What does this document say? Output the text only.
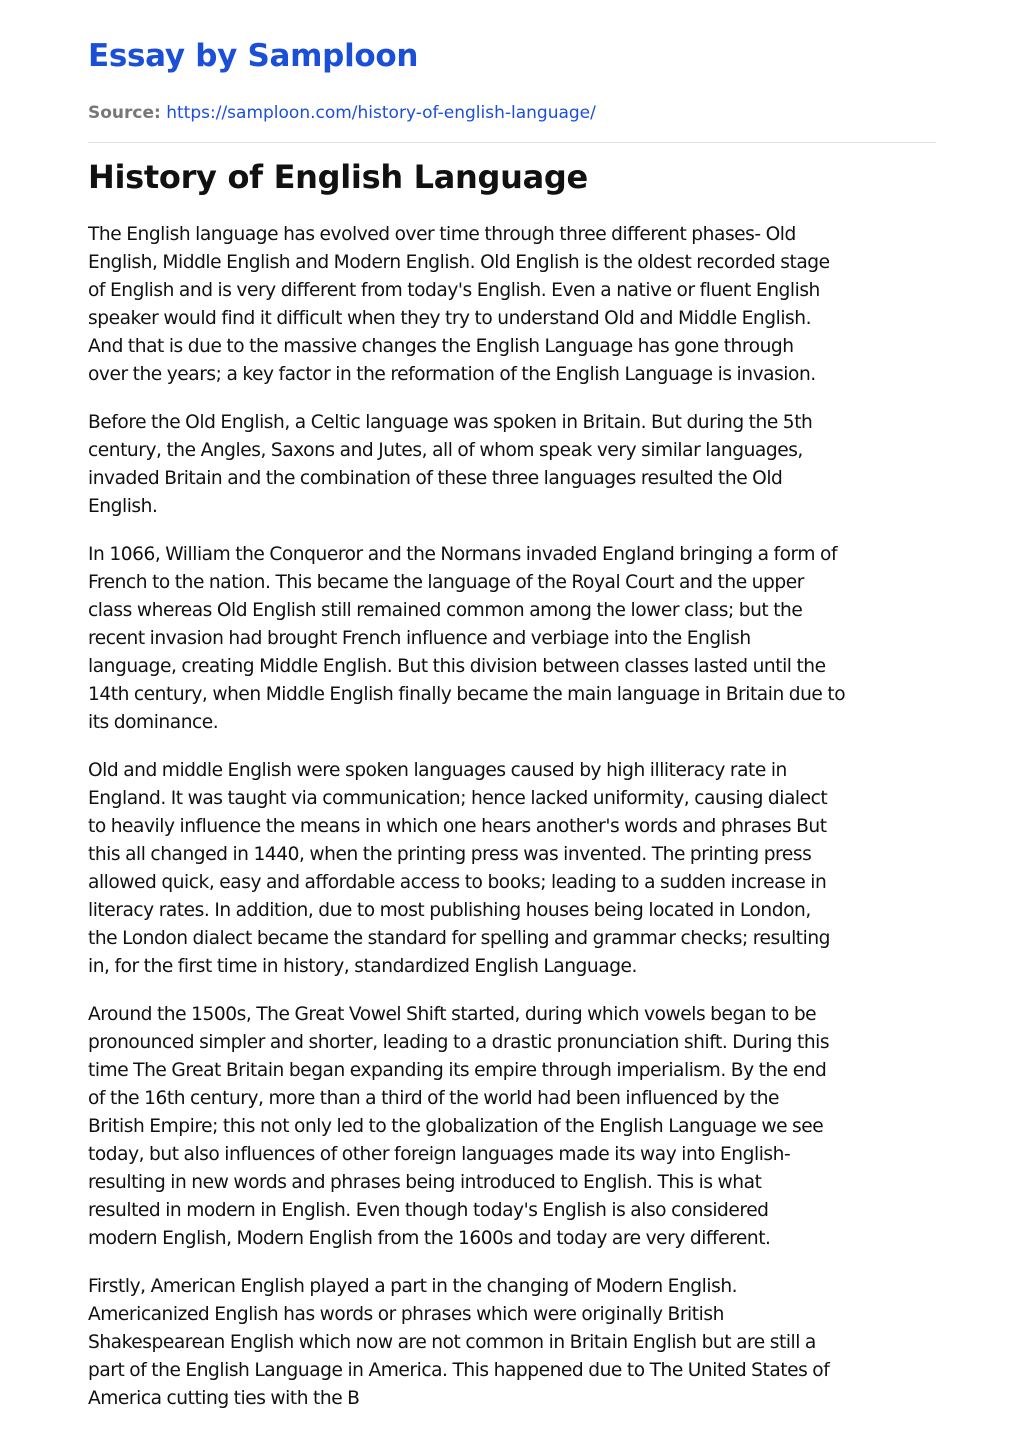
Essay by Samploon
Source: https://samploon.com/history-of-english-language/
History of English Language

The English language has evolved over time through three different phases- Old
English, Middle English and Modern English. Old English is the oldest recorded stage
of English and is very different from today's English. Even a native or fluent English
speaker would find it difficult when they try to understand Old and Middle English.
And that is due to the massive changes the English Language has gone through
over the years; a key factor in the reformation of the English Language is invasion.

Before the Old English, a Celtic language was spoken in Britain. But during the 5th
century, the Angles, Saxons and Jutes, all of whom speak very similar languages,
invaded Britain and the combination of these three languages resulted the Old
English.

In 1066, William the Conqueror and the Normans invaded England bringing a form of
French to the nation. This became the language of the Royal Court and the upper
class whereas Old English still remained common among the lower class; but the
recent invasion had brought French influence and verbiage into the English
language, creating Middle English. But this division between classes lasted until the
14th century, when Middle English finally became the main language in Britain due to
its dominance.

Old and middle English were spoken languages caused by high illiteracy rate in
England. It was taught via communication; hence lacked uniformity, causing dialect
to heavily influence the means in which one hears another's words and phrases But
this all changed in 1440, when the printing press was invented. The printing press
allowed quick, easy and affordable access to books; leading to a sudden increase in
literacy rates. In addition, due to most publishing houses being located in London,
the London dialect became the standard for spelling and grammar checks; resulting
in, for the first time in history, standardized English Language.

Around the 1500s, The Great Vowel Shift started, during which vowels began to be
pronounced simpler and shorter, leading to a drastic pronunciation shift. During this
time The Great Britain began expanding its empire through imperialism. By the end
of the 16th century, more than a third of the world had been influenced by the
British Empire; this not only led to the globalization of the English Language we see
today, but also influences of other foreign languages made its way into English-
resulting in new words and phrases being introduced to English. This is what
resulted in modern in English. Even though today's English is also considered
modern English, Modern English from the 1600s and today are very different.

Firstly, American English played a part in the changing of Modern English.
Americanized English has words or phrases which were originally British
Shakespearean English which now are not common in Britain English but are still a
part of the English Language in America. This happened due to The United States of
America cutting ties with the B
